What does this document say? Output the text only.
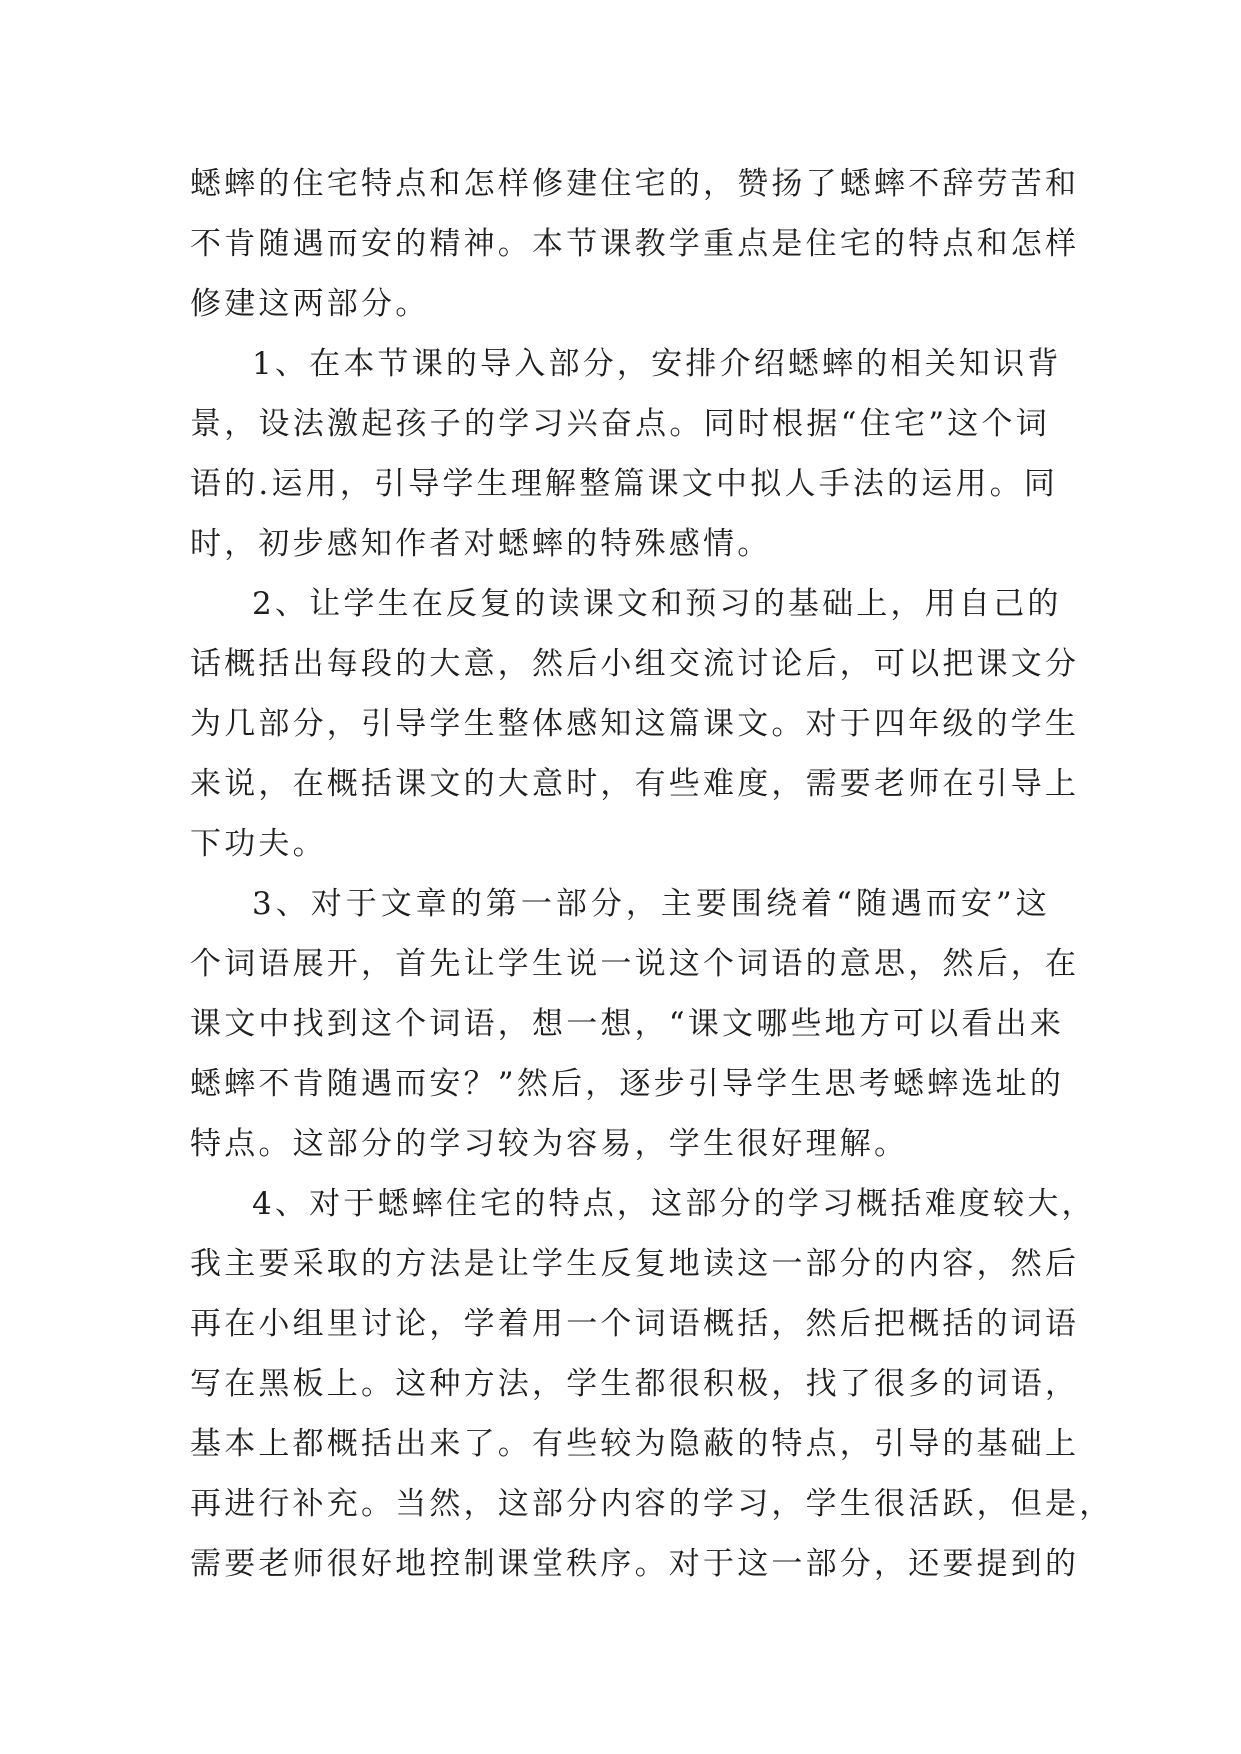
蟋蟀的住宅特点和怎样修建住宅的，赞扬了蟋蟀不辞劳苦和
不肯随遇而安的精神。本节课教学重点是住宅的特点和怎样
修建这两部分。
1、在本节课的导入部分，安排介绍蟋蟀的相关知识背
景，设法激起孩子的学习兴奋点。同时根据“住宅”这个词
语的.运用，引导学生理解整篇课文中拟人手法的运用。同
时，初步感知作者对蟋蟀的特殊感情。
2、让学生在反复的读课文和预习的基础上，用自己的
话概括出每段的大意，然后小组交流讨论后，可以把课文分
为几部分，引导学生整体感知这篇课文。对于四年级的学生
来说，在概括课文的大意时，有些难度，需要老师在引导上
下功夫。
3、对于文章的第一部分，主要围绕着“随遇而安”这
个词语展开，首先让学生说一说这个词语的意思，然后，在
课文中找到这个词语，想一想，“课文哪些地方可以看出来
蟋蟀不肯随遇而安？”然后，逐步引导学生思考蟋蟀选址的
特点。这部分的学习较为容易，学生很好理解。
4、对于蟋蟀住宅的特点，这部分的学习概括难度较大，
我主要采取的方法是让学生反复地读这一部分的内容，然后
再在小组里讨论，学着用一个词语概括，然后把概括的词语
写在黑板上。这种方法，学生都很积极，找了很多的词语，
基本上都概括出来了。有些较为隐蔽的特点，引导的基础上
再进行补充。当然，这部分内容的学习，学生很活跃，但是，
需要老师很好地控制课堂秩序。对于这一部分，还要提到的
